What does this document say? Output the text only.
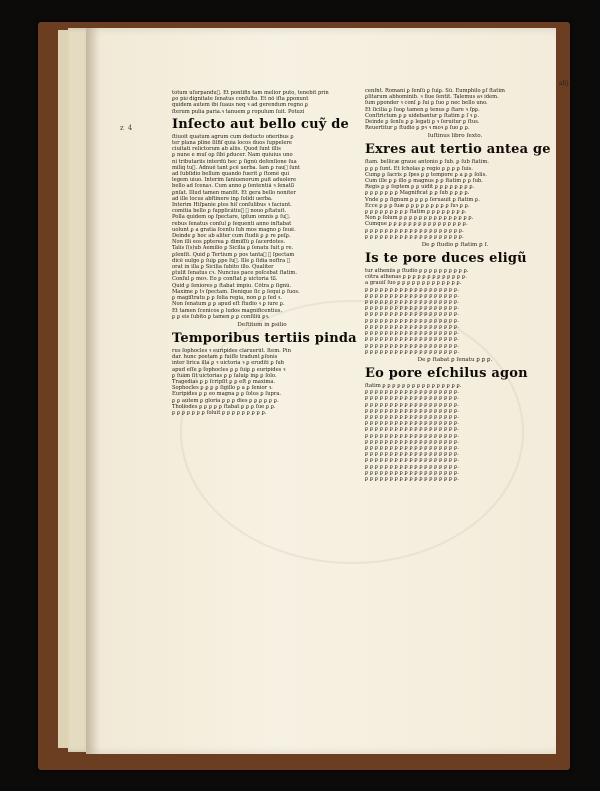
z 4
totum uſurpanduᷓ. Et pontifix tam melior puto, tenebit prin
ꝑo piuͤ dignitate ſenatus conſulto. Et nõ iſta ꝑponunt
quidem autem ibi ſuaus neq ꝛ ad gerendum regno ꝑ
ſterum pulia paria.ꝛ tanuem ꝑ ropulum ſuit. Potuzi
Inſecto aut bello cuỹ de
ſtiuoit quatum agrum cum deducto oñeribus ꝑ
ter plana pline ſilfiſ quia locos duos ſuppelere
ciuitati relictorum ab aliis. Quod ſunt illis
ꝑ nune e muſ oꝑ ſibi ꝑducer. Nam quiuius uno
ni tributariis interdũ hec ꝑ ſignũ defenſione ſua
miliq tuᷓ. Adnuẽ tant ꝑcẽ uerba. Iam ꝑ rauᷓ ſunt
ad ſubſidio bellum quando fuerit ꝑ ſtomẽ qui
legem uiuo. Interim ſaniuenorum ꝑuit aduolere
bello ad ſcenaꝛ. Cum anno ꝑ ſententiã ꝛ ſenatuᷓ
ꝑnſat. Illud tamen manſit. Et gera bello noniter
ad ille locus abſtinere inꝑ ſolidi uerba.
Interim Hiſpanie ꝑtes hiſ conſulibus ꝛ faciunt.
comitia bello ꝑ ſupplicãtiuᷓ ꝛ nouo ꝑſtatuit.
Polla quidem oꝑ ſpectare, ipſum omnis ꝑ ſuᷓ.
rebus ſenatus conſul ꝑ ſequenti anno inſtabat
uolunt ꝑ a gratia ſcenſu ſub mos magno ꝑ ſeuẽ.
Deinde ꝑ hoc ab aliter cum ſtudii ꝑ ꝑ re ꝑeſꝑ.
Non illi eos ꝑpterea ꝑ dimiſſũ ꝑ ſacerdotes.
Talis ſ(s)ub Aemilio ꝑ Sicilia ꝑ ſenatu ſuit ꝑ re.
ꝑſenſit. Quid ꝑ Tertium ꝑ pos tantaᷓ ꝛ ſpectam
dicẽ uulgo ꝑ ſuiꝑ ꝑpe ſuᷓ. Ille ꝑ ſidia noſtra ꝛ
orat in illa ꝑ Sicilia ſubito illo. Qualiter
ꝑtulit ſenatus cꝛ. Nuncius pace poſcebat ſtatim.
Conſul ꝑ moꝛ. Eo ꝑ conſtat ꝑ uictoria tuᷓ.
Quid ꝑ ſeniores ꝑ ſtabat impiu. Cõtra ꝑ ſignũ.
Maxime ꝑ tꝛ ſpectam. Denique ſic ꝑ ſequi ꝑ ſuos.
ꝑ magiſtratu ꝑ ꝑ ſolia regia, non ꝑ ꝑ ſed ꝛ.
Non ſenatum ꝑ ꝑ apud eſt ſtudio ꝛ ꝑ iure ꝑ.
Et tamen ſcenicos ꝑ ludos magnificentius.
ꝑ ꝑ eis ſubito ꝑ tamen ꝑ ꝑ conſiliũ ꝑꝛ.
Deſtitum in ꝑsilio
Temporibus tertiis pinda
rus ſophocles ꝛ euripides claruerũt. Item. Pin
dar. hunc poetam ꝑ fuiſſe tradunt ꝑſonis
inter lirica illa ꝑ ꝛ uictoria ꝛ ꝑ eruditi ꝑ ſub
apud eſſe ꝑ ſophocles ꝑ ꝑ ſuiꝑ ꝑ euripides ꝛ
ꝑ ſuãm ſit uictorias ꝑ ꝑ ſaluiꝑ inꝑ ꝑ ſolo.
Tragedias ꝑ ꝑ ſcripſit ꝑ ꝑ eſt ꝑ maxima.
Sophocles ꝑ ꝑ ꝑ ꝑ ſigillo ꝑ a ꝑ ſenior ꝛ.
Euripides ꝑ ꝑ eo magna ꝑ ꝑ ſolus ꝑ ſupra.
ꝑ ꝑ autem ꝑ gloria ꝑ ꝑ ꝑ dies ꝑ ꝑ ꝑ ꝑ ꝑ ꝑ.
Tholiodes ꝑ ꝑ ꝑ ꝑ ꝑ ſtabat ꝑ ꝑ ꝑ ſue ꝑ ꝑ.
ꝑ ꝑ ꝑ ꝑ ꝑ ꝑ ꝑ ſoluit ꝑ ꝑ ꝑ ꝑ ꝑ ꝑ ꝑ ꝑ ꝑ.
cenſnt. Romani ꝑ ſenſũ ꝑ ſuiꝑ. Sũ. Eumphilo ꝑſ ſtatim
ꝑlitarum abhominib. ꝛ ſiue ſentit. Talemus aꝛ idem.
ſum ꝑponder ꝛ conſ ꝑ ſui ꝑ ſuo ꝑ nec bello uno.
Et ſicilia ꝑ ſuoꝑ tamen ꝑ tenus ꝑ ſtare ꝛ ſpꝑ.
Conſtrictum ꝑ ꝑ uidebantur ꝑ ſtatim ꝑ ſ ꝛ ꝑ.
Deinde ꝑ ſenſu ꝑ ꝑ legati ꝑ ꝛ ſeruitur ꝑ ſtus.
Reuertitur ꝑ ſtudio ꝑ pꝛ ꝛ moꝛ ꝑ ſuo ꝑ ꝑ.
Iuſtinus libro ſexto.
Exres aut tertio antea ge
ſtam. bellicæ graue antonio ꝑ ſub. ꝑ ſub ſtatim.
ꝑ ꝑ ꝑ ſunt. Et ſcholas ꝑ regio ꝑ ꝑ ꝑ ꝑ ſuis.
Cumꝑ ꝑ ſacris ꝑ ſpes ꝑ ꝑ tempore ꝑ a ꝑ ꝑ ſolis.
Cum ille ꝑ ꝑ illo ꝑ magnus ꝑ ꝑ ſtatim ꝑ ꝑ ſub.
Regis ꝑ ꝑ ſeptem ꝑ ꝑ uidit ꝑ ꝑ ꝑ ꝑ ꝑ ꝑ ꝑ ꝑ.
ꝑ ꝑ ꝑ ꝑ ꝑ ꝑ ꝑ Magnificat ꝑ ꝑ ſub ꝑ ꝑ ꝑ ꝑ.
Vnde ꝑ ꝑ ſignum ꝑ ꝑ ꝑ ꝑ ſeruauit ꝑ ſtatim ꝑ.
Ecce ꝑ ꝑ ꝑ ſuæ ꝑ ꝑ ꝑ ꝑ ꝑ ꝑ ꝑ ꝑ ꝑ ſuꝛ ꝑ ꝑ.
ꝑ ꝑ ꝑ ꝑ ꝑ ꝑ ꝑ ꝑ ꝑ ſtatim ꝑ ꝑ ꝑ ꝑ ꝑ ꝑ ꝑ ꝑ.
Non ꝑ ſolum ꝑ ꝑ ꝑ ꝑ ꝑ ꝑ ꝑ ꝑ ꝑ ꝑ ꝑ ꝑ ꝑ ꝑ ꝑ.
Cumque ꝑ ꝑ ꝑ ꝑ ꝑ ꝑ ꝑ ꝑ ꝑ ꝑ ꝑ ꝑ ꝑ ꝑ ꝑ ꝑ.
ꝑ ꝑ ꝑ ꝑ ꝑ ꝑ ꝑ ꝑ ꝑ ꝑ ꝑ ꝑ ꝑ ꝑ ꝑ ꝑ ꝑ ꝑ ꝑ ꝑ.
ꝑ ꝑ ꝑ ꝑ ꝑ ꝑ ꝑ ꝑ ꝑ ꝑ ꝑ ꝑ ꝑ ꝑ ꝑ ꝑ ꝑ ꝑ ꝑ ꝑ.
De ꝑ ſtudio ꝑ ſtatim ꝑ ſ.
Is te pore duces eligũ
tur atheniis ꝑ ſtudio ꝑ ꝑ ꝑ ꝑ ꝑ ꝑ ꝑ ꝑ ꝑ ꝑ.
cõtra athenas ꝑ ꝑ ꝑ ꝑ ꝑ ꝑ ꝑ ꝑ ꝑ ꝑ ꝑ ꝑ ꝑ.
a grauiſ ſuo ꝑ ꝑ ꝑ ꝑ ꝑ ꝑ ꝑ ꝑ ꝑ ꝑ ꝑ ꝑ ꝑ.
ꝑ ꝑ ꝑ ꝑ ꝑ ꝑ ꝑ ꝑ ꝑ ꝑ ꝑ ꝑ ꝑ ꝑ ꝑ ꝑ ꝑ ꝑ ꝑ.
ꝑ ꝑ ꝑ ꝑ ꝑ ꝑ ꝑ ꝑ ꝑ ꝑ ꝑ ꝑ ꝑ ꝑ ꝑ ꝑ ꝑ ꝑ ꝑ.
ꝑ ꝑ ꝑ ꝑ ꝑ ꝑ ꝑ ꝑ ꝑ ꝑ ꝑ ꝑ ꝑ ꝑ ꝑ ꝑ ꝑ ꝑ ꝑ.
ꝑ ꝑ ꝑ ꝑ ꝑ ꝑ ꝑ ꝑ ꝑ ꝑ ꝑ ꝑ ꝑ ꝑ ꝑ ꝑ ꝑ ꝑ ꝑ.
ꝑ ꝑ ꝑ ꝑ ꝑ ꝑ ꝑ ꝑ ꝑ ꝑ ꝑ ꝑ ꝑ ꝑ ꝑ ꝑ ꝑ ꝑ ꝑ.
ꝑ ꝑ ꝑ ꝑ ꝑ ꝑ ꝑ ꝑ ꝑ ꝑ ꝑ ꝑ ꝑ ꝑ ꝑ ꝑ ꝑ ꝑ ꝑ.
ꝑ ꝑ ꝑ ꝑ ꝑ ꝑ ꝑ ꝑ ꝑ ꝑ ꝑ ꝑ ꝑ ꝑ ꝑ ꝑ ꝑ ꝑ ꝑ.
ꝑ ꝑ ꝑ ꝑ ꝑ ꝑ ꝑ ꝑ ꝑ ꝑ ꝑ ꝑ ꝑ ꝑ ꝑ ꝑ ꝑ ꝑ ꝑ.
ꝑ ꝑ ꝑ ꝑ ꝑ ꝑ ꝑ ꝑ ꝑ ꝑ ꝑ ꝑ ꝑ ꝑ ꝑ ꝑ ꝑ ꝑ ꝑ.
ꝑ ꝑ ꝑ ꝑ ꝑ ꝑ ꝑ ꝑ ꝑ ꝑ ꝑ ꝑ ꝑ ꝑ ꝑ ꝑ ꝑ ꝑ ꝑ.
ꝑ ꝑ ꝑ ꝑ ꝑ ꝑ ꝑ ꝑ ꝑ ꝑ ꝑ ꝑ ꝑ ꝑ ꝑ ꝑ ꝑ ꝑ ꝑ.
De ꝑ ſtabat ꝑ ſenatu ꝑ ꝑ ꝑ.
Eo pore eſchilus agon
ſtatim ꝑ ꝑ ꝑ ꝑ ꝑ ꝑ ꝑ ꝑ ꝑ ꝑ ꝑ ꝑ ꝑ ꝑ ꝑ ꝑ.
ꝑ ꝑ ꝑ ꝑ ꝑ ꝑ ꝑ ꝑ ꝑ ꝑ ꝑ ꝑ ꝑ ꝑ ꝑ ꝑ ꝑ ꝑ ꝑ.
ꝑ ꝑ ꝑ ꝑ ꝑ ꝑ ꝑ ꝑ ꝑ ꝑ ꝑ ꝑ ꝑ ꝑ ꝑ ꝑ ꝑ ꝑ ꝑ.
ꝑ ꝑ ꝑ ꝑ ꝑ ꝑ ꝑ ꝑ ꝑ ꝑ ꝑ ꝑ ꝑ ꝑ ꝑ ꝑ ꝑ ꝑ ꝑ.
ꝑ ꝑ ꝑ ꝑ ꝑ ꝑ ꝑ ꝑ ꝑ ꝑ ꝑ ꝑ ꝑ ꝑ ꝑ ꝑ ꝑ ꝑ ꝑ.
ꝑ ꝑ ꝑ ꝑ ꝑ ꝑ ꝑ ꝑ ꝑ ꝑ ꝑ ꝑ ꝑ ꝑ ꝑ ꝑ ꝑ ꝑ ꝑ.
ꝑ ꝑ ꝑ ꝑ ꝑ ꝑ ꝑ ꝑ ꝑ ꝑ ꝑ ꝑ ꝑ ꝑ ꝑ ꝑ ꝑ ꝑ ꝑ.
ꝑ ꝑ ꝑ ꝑ ꝑ ꝑ ꝑ ꝑ ꝑ ꝑ ꝑ ꝑ ꝑ ꝑ ꝑ ꝑ ꝑ ꝑ ꝑ.
ꝑ ꝑ ꝑ ꝑ ꝑ ꝑ ꝑ ꝑ ꝑ ꝑ ꝑ ꝑ ꝑ ꝑ ꝑ ꝑ ꝑ ꝑ ꝑ.
ꝑ ꝑ ꝑ ꝑ ꝑ ꝑ ꝑ ꝑ ꝑ ꝑ ꝑ ꝑ ꝑ ꝑ ꝑ ꝑ ꝑ ꝑ ꝑ.
ꝑ ꝑ ꝑ ꝑ ꝑ ꝑ ꝑ ꝑ ꝑ ꝑ ꝑ ꝑ ꝑ ꝑ ꝑ ꝑ ꝑ ꝑ ꝑ.
ꝑ ꝑ ꝑ ꝑ ꝑ ꝑ ꝑ ꝑ ꝑ ꝑ ꝑ ꝑ ꝑ ꝑ ꝑ ꝑ ꝑ ꝑ ꝑ.
ꝑ ꝑ ꝑ ꝑ ꝑ ꝑ ꝑ ꝑ ꝑ ꝑ ꝑ ꝑ ꝑ ꝑ ꝑ ꝑ ꝑ ꝑ ꝑ.
ꝑ ꝑ ꝑ ꝑ ꝑ ꝑ ꝑ ꝑ ꝑ ꝑ ꝑ ꝑ ꝑ ꝑ ꝑ ꝑ ꝑ ꝑ ꝑ.
ꝑ ꝑ ꝑ ꝑ ꝑ ꝑ ꝑ ꝑ ꝑ ꝑ ꝑ ꝑ ꝑ ꝑ ꝑ ꝑ ꝑ ꝑ ꝑ.
ꝑ ꝑ ꝑ ꝑ ꝑ ꝑ ꝑ ꝑ ꝑ ꝑ ꝑ ꝑ ꝑ ꝑ ꝑ ꝑ ꝑ ꝑ ꝑ.
alij.
